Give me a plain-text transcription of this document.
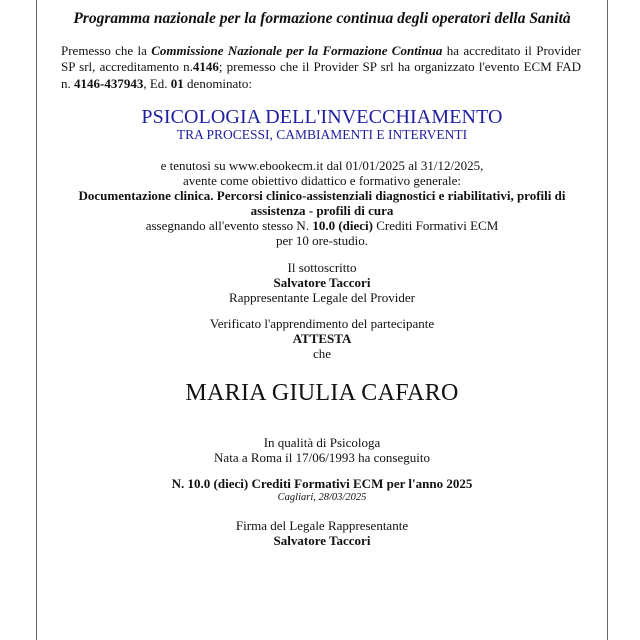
Programma nazionale per la formazione continua degli operatori della Sanità
Premesso che la Commissione Nazionale per la Formazione Continua ha accreditato il Provider
SP srl, accreditamento n.4146; premesso che il Provider SP srl ha organizzato l'evento ECM FAD
n. 4146-437943, Ed. 01 denominato:
PSICOLOGIA DELL'INVECCHIAMENTO
TRA PROCESSI, CAMBIAMENTI E INTERVENTI
e tenutosi su www.ebookecm.it dal 01/01/2025 al 31/12/2025,
avente come obiettivo didattico e formativo generale:
Documentazione clinica. Percorsi clinico-assistenziali diagnostici e riabilitativi, profili di
assistenza - profili di cura
assegnando all'evento stesso N. 10.0 (dieci) Crediti Formativi ECM
per 10 ore-studio.
Il sottoscritto
Salvatore Taccori
Rappresentante Legale del Provider
Verificato l'apprendimento del partecipante
ATTESTA
che
MARIA GIULIA CAFARO
In qualità di Psicologa
Nata a Roma il 17/06/1993 ha conseguito
N. 10.0 (dieci) Crediti Formativi ECM per l'anno 2025
Cagliari, 28/03/2025
Firma del Legale Rappresentante
Salvatore Taccori
